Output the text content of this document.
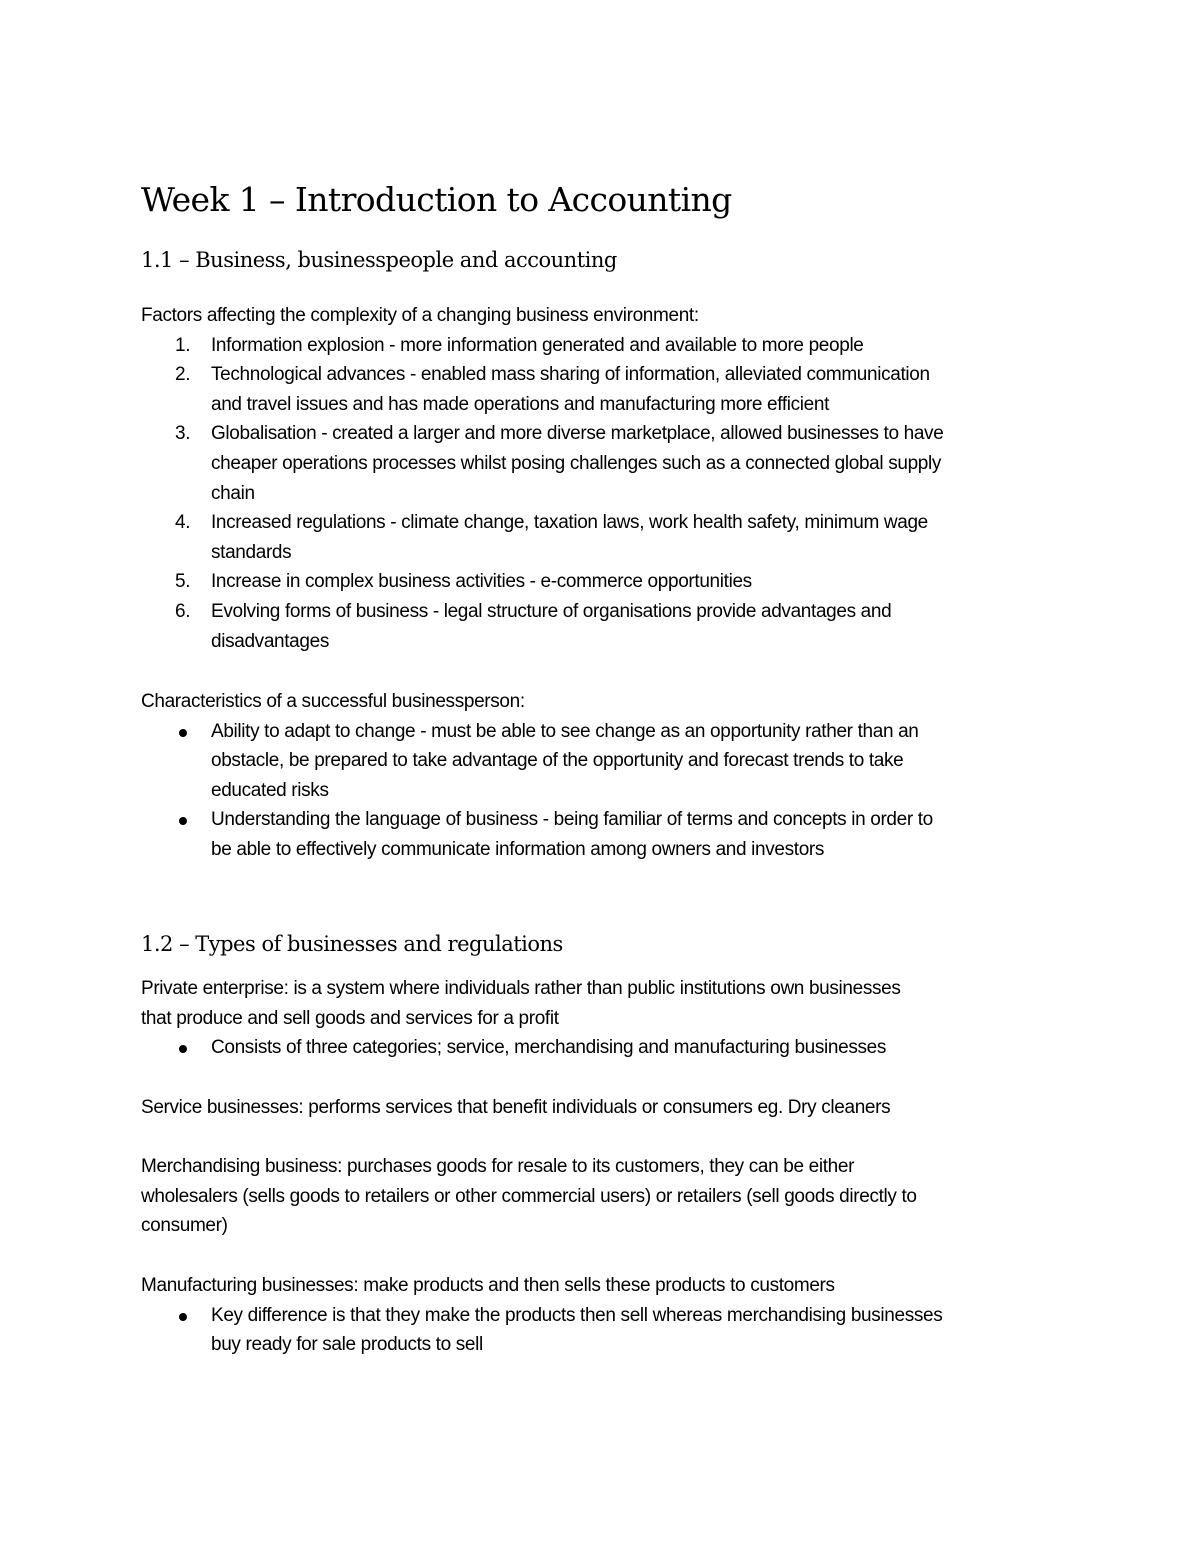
Week 1 – Introduction to Accounting
1.1 – Business, businesspeople and accounting

Factors affecting the complexity of a changing business environment:

1.	Information explosion - more information generated and available to more people
2.	Technological advances - enabled mass sharing of information, alleviated communication
and travel issues and has made operations and manufacturing more efficient
3.	Globalisation - created a larger and more diverse marketplace, allowed businesses to have
cheaper operations processes whilst posing challenges such as a connected global supply
chain
4.	Increased regulations - climate change, taxation laws, work health safety, minimum wage
standards
5.	Increase in complex business activities - e-commerce opportunities
6.	Evolving forms of business - legal structure of organisations provide advantages and
disadvantages

Characteristics of a successful businessperson:

Ability to adapt to change - must be able to see change as an opportunity rather than an
obstacle, be prepared to take advantage of the opportunity and forecast trends to take
educated risks
Understanding the language of business - being familiar of terms and concepts in order to
be able to effectively communicate information among owners and investors
1.2 – Types of businesses and regulations

Private enterprise: is a system where individuals rather than public institutions own businesses
that produce and sell goods and services for a profit

Consists of three categories; service, merchandising and manufacturing businesses

Service businesses: performs services that benefit individuals or consumers eg. Dry cleaners

Merchandising business: purchases goods for resale to its customers, they can be either
wholesalers (sells goods to retailers or other commercial users) or retailers (sell goods directly to
consumer)

Manufacturing businesses: make products and then sells these products to customers

Key difference is that they make the products then sell whereas merchandising businesses
buy ready for sale products to sell
